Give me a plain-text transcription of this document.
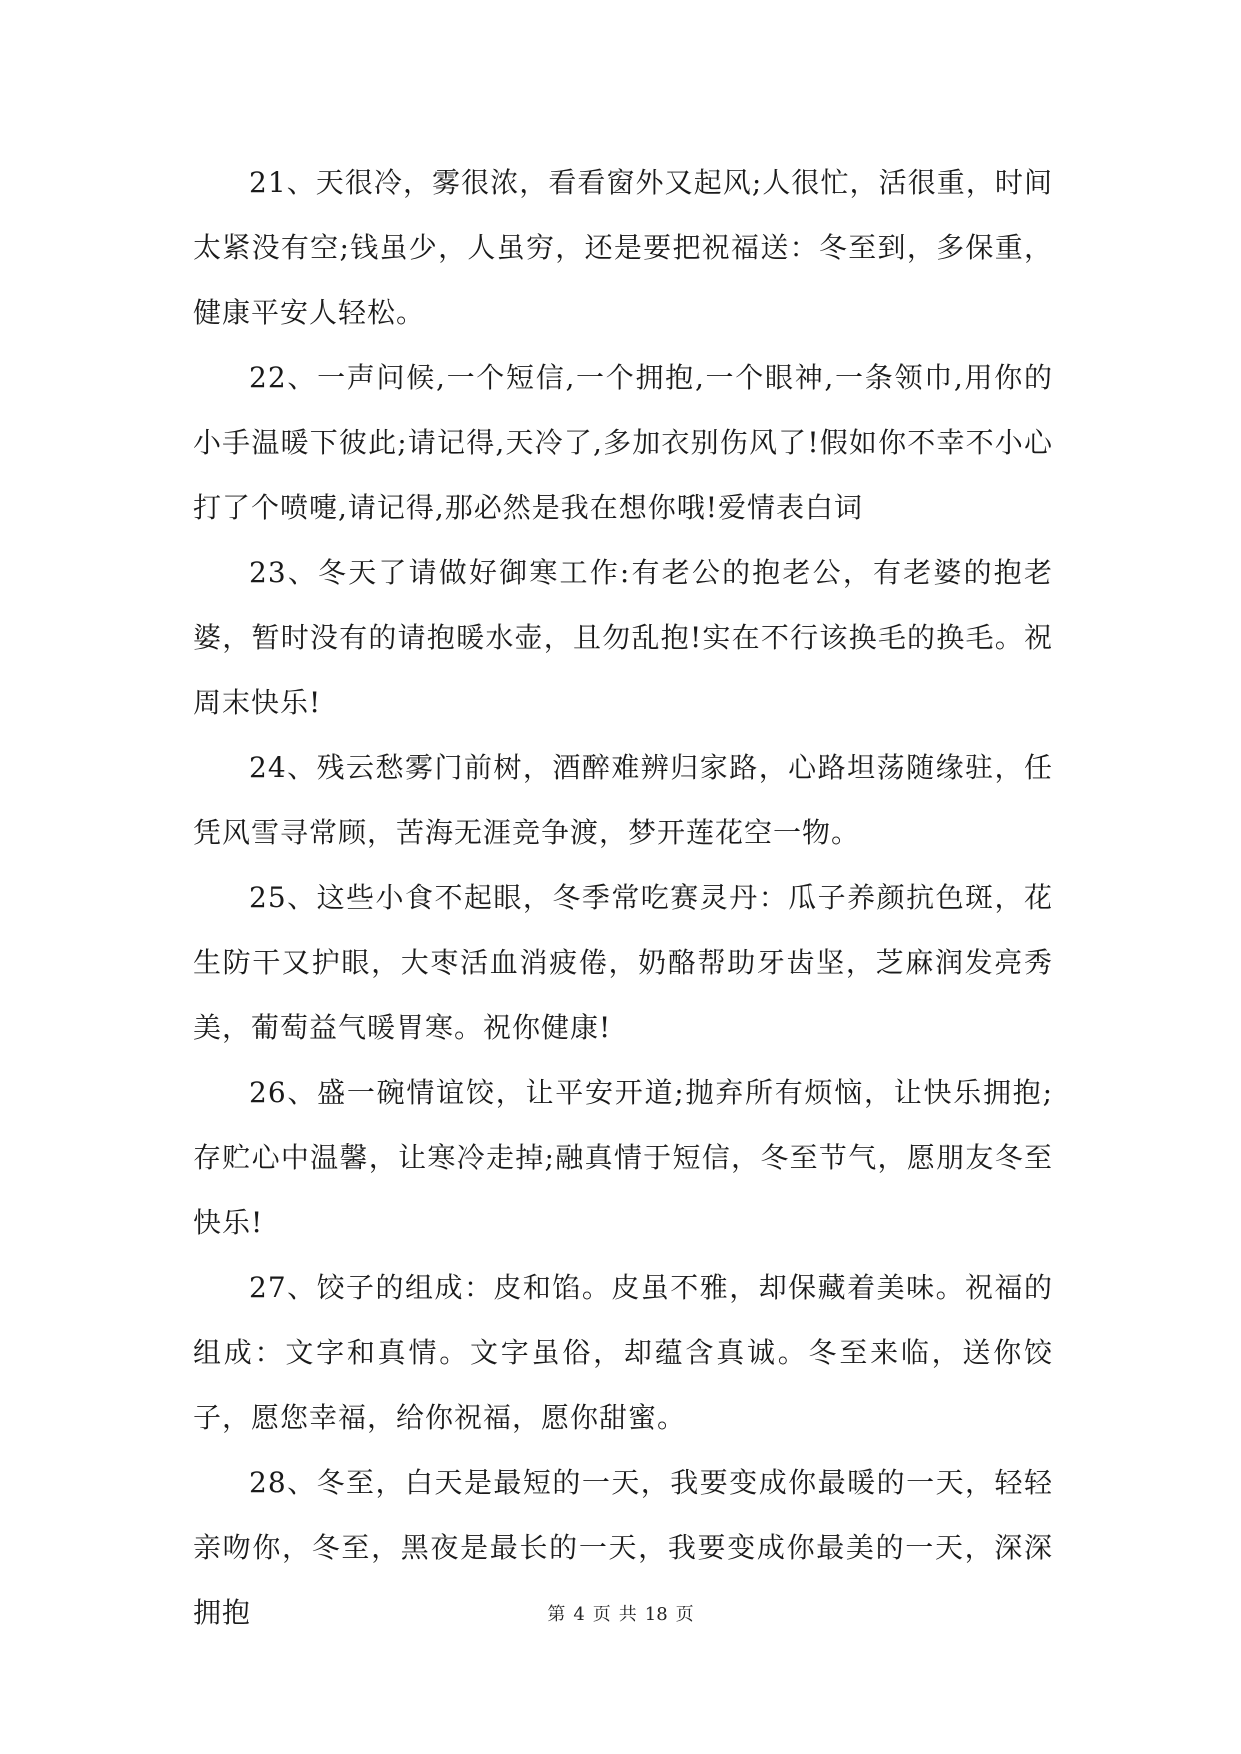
21、天很冷，雾很浓，看看窗外又起风;人很忙，活很重，时间太紧没有空;钱虽少，人虽穷，还是要把祝福送：冬至到，多保重，健康平安人轻松。

22、一声问候,一个短信,一个拥抱,一个眼神,一条领巾,用你的小手温暖下彼此;请记得,天冷了,多加衣别伤风了!假如你不幸不小心打了个喷嚏,请记得,那必然是我在想你哦!爱情表白词

23、冬天了请做好御寒工作:有老公的抱老公，有老婆的抱老婆，暂时没有的请抱暖水壶，且勿乱抱!实在不行该换毛的换毛。祝周末快乐!

24、残云愁雾门前树，酒醉难辨归家路，心路坦荡随缘驻，任凭风雪寻常顾，苦海无涯竞争渡，梦开莲花空一物。

25、这些小食不起眼，冬季常吃赛灵丹：瓜子养颜抗色斑，花生防干又护眼，大枣活血消疲倦，奶酪帮助牙齿坚，芝麻润发亮秀美，葡萄益气暖胃寒。祝你健康!

26、盛一碗情谊饺，让平安开道;抛弃所有烦恼，让快乐拥抱;存贮心中温馨，让寒冷走掉;融真情于短信，冬至节气，愿朋友冬至快乐!

27、饺子的组成：皮和馅。皮虽不雅，却保藏着美味。祝福的组成：文字和真情。文字虽俗，却蕴含真诚。冬至来临，送你饺子，愿您幸福，给你祝福，愿你甜蜜。

28、冬至，白天是最短的一天，我要变成你最暖的一天，轻轻亲吻你，冬至，黑夜是最长的一天，我要变成你最美的一天，深深拥抱	第 4 页 共 18 页
